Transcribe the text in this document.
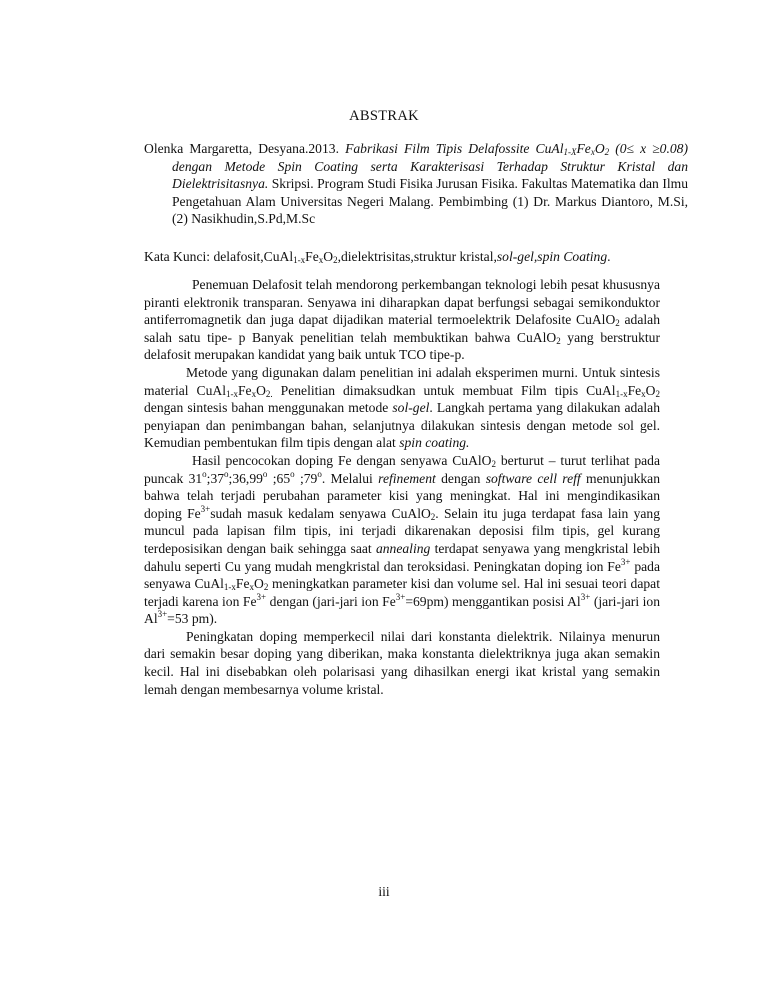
ABSTRAK
Olenka Margaretta, Desyana.2013. Fabrikasi Film Tipis Delafossite $CuAl_{1-X}Fe_xO_2$ (0≤ x ≥0.08) dengan Metode Spin Coating serta Karakterisasi Terhadap Struktur Kristal dan Dielektrisitasnya. Skripsi. Program Studi Fisika Jurusan Fisika. Fakultas Matematika dan Ilmu Pengetahuan Alam Universitas Negeri Malang. Pembimbing (1) Dr. Markus Diantoro, M.Si, (2) Nasikhudin,S.Pd,M.Sc
Kata Kunci: $delafosit,CuAl_{1-x}Fe_xO_2,dielektrisitas,struktur$ kristal,sol-gel,spin Coating.

Penemuan Delafosit telah mendorong perkembangan teknologi lebih pesat khususnya piranti elektronik transparan. Senyawa ini diharapkan dapat berfungsi sebagai semikonduktor antiferromagnetik dan juga dapat dijadikan material termoelektrik Delafosite CuAlO$_2$ adalah salah satu tipe- p Banyak penelitian telah membuktikan bahwa CuAlO$_2$ yang berstruktur delafosit merupakan kandidat yang baik untuk TCO tipe-p.

Metode yang digunakan dalam penelitian ini adalah eksperimen murni. Untuk sintesis material $CuAl_{1-x}Fe_xO_{2.}$ Penelitian dimaksudkan untuk membuat Film tipis $CuAl_{1-x}Fe_xO_2$ dengan sintesis bahan menggunakan metode sol-gel. Langkah pertama yang dilakukan adalah penyiapan dan penimbangan bahan, selanjutnya dilakukan sintesis dengan metode sol gel. Kemudian pembentukan film tipis dengan alat spin coating.

Hasil pencocokan doping Fe dengan senyawa CuAlO$_2$ berturut – turut terlihat pada puncak 31$^o$;37$^o$;36,99$^o$ ;65$^o$ ;79$^o$. Melalui refinement dengan software cell reff menunjukkan bahwa telah terjadi perubahan parameter kisi yang meningkat. Hal ini mengindikasikan doping $Fe^{3+}sudah$ masuk kedalam senyawa CuAlO$_2$. Selain itu juga terdapat fasa lain yang muncul pada lapisan film tipis, ini terjadi dikarenakan deposisi film tipis, gel kurang terdeposisikan dengan baik sehingga saat annealing terdapat senyawa yang mengkristal lebih dahulu seperti Cu yang mudah mengkristal dan teroksidasi. Peningkatan doping ion $Fe^{3+}$ pada senyawa $CuAl_{1-x}Fe_xO_2$ meningkatkan parameter kisi dan volume sel. Hal ini sesuai teori dapat terjadi karena ion $Fe^{3+}$ dengan (jari-jari ion $Fe^{3+}=69pm$) menggantikan posisi $Al^{3+}$ (jari-jari ion $Al^{3+}=53$ pm).

Peningkatan doping memperkecil nilai dari konstanta dielektrik. Nilainya menurun dari semakin besar doping yang diberikan, maka konstanta dielektriknya juga akan semakin kecil. Hal ini disebabkan oleh polarisasi yang dihasilkan energi ikat kristal yang semakin lemah dengan membesarnya volume kristal.

iii
